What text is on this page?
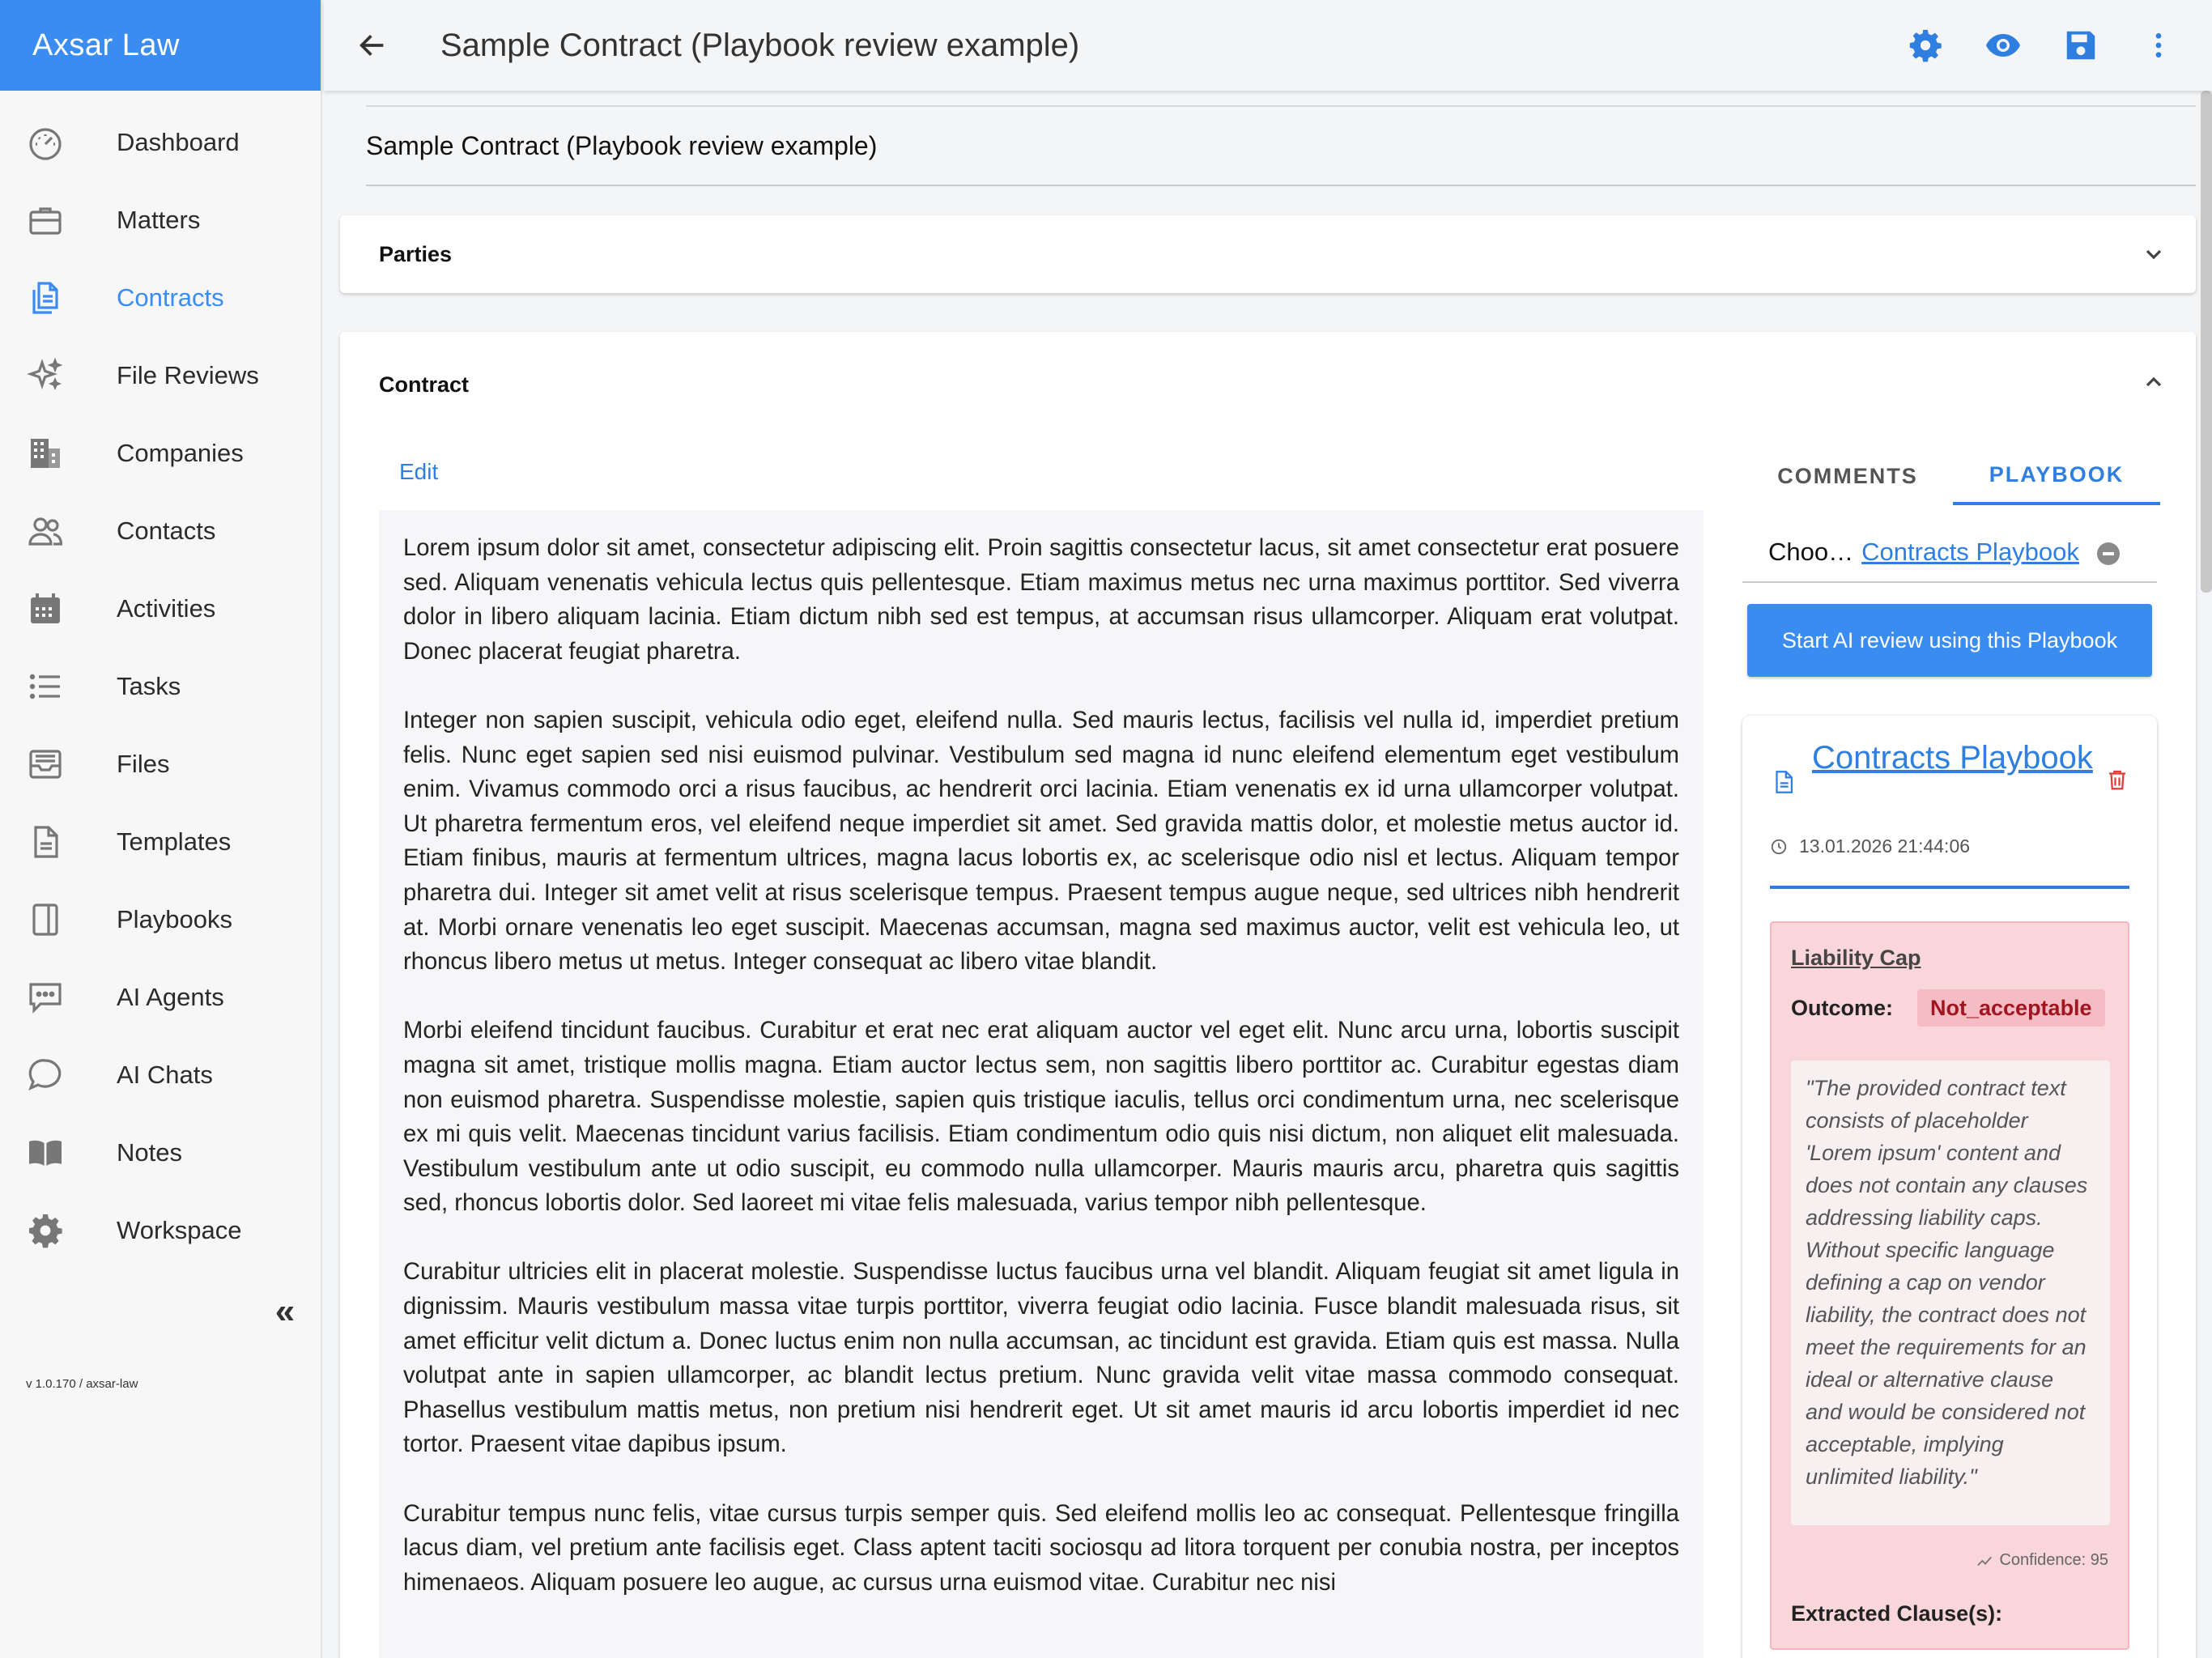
Axsar Law
Dashboard
Matters
Contracts
File Reviews
Companies
Contacts
Activities
Tasks
Files
Templates
Playbooks
AI Agents
AI Chats
Notes
Workspace
«
v 1.0.170 / axsar-law
Sample Contract (Playbook review example)
Sample Contract (Playbook review example)
Parties
Contract
Edit

Lorem ipsum dolor sit amet, consectetur adipiscing elit. Proin sagittis consectetur lacus, sit amet consectetur erat posuere sed. Aliquam venenatis vehicula lectus quis pellentesque. Etiam maximus metus nec urna maximus porttitor. Sed viverra dolor in libero aliquam lacinia. Etiam dictum nibh sed est tempus, at accumsan risus ullamcorper. Aliquam erat volutpat. Donec placerat feugiat pharetra.

Integer non sapien suscipit, vehicula odio eget, eleifend nulla. Sed mauris lectus, facilisis vel nulla id, imperdiet pretium felis. Nunc eget sapien sed nisi euismod pulvinar. Vestibulum sed magna id nunc eleifend elementum eget vestibulum enim. Vivamus commodo orci a risus faucibus, ac hendrerit orci lacinia. Etiam venenatis ex id urna ullamcorper volutpat. Ut pharetra fermentum eros, vel eleifend neque imperdiet sit amet. Sed gravida mattis dolor, et molestie metus auctor id. Etiam finibus, mauris at fermentum ultrices, magna lacus lobortis ex, ac scelerisque odio nisl et lectus. Aliquam tempor pharetra dui. Integer sit amet velit at risus scelerisque tempus. Praesent tempus augue neque, sed ultrices nibh hendrerit at. Morbi ornare venenatis leo eget suscipit. Maecenas accumsan, magna sed maximus auctor, velit est vehicula leo, ut rhoncus libero metus ut metus. Integer consequat ac libero vitae blandit.

Morbi eleifend tincidunt faucibus. Curabitur et erat nec erat aliquam auctor vel eget elit. Nunc arcu urna, lobortis suscipit magna sit amet, tristique mollis magna. Etiam auctor lectus sem, non sagittis libero porttitor ac. Curabitur egestas diam non euismod pharetra. Suspendisse molestie, sapien quis tristique iaculis, tellus orci condimentum urna, nec scelerisque ex mi quis velit. Maecenas tincidunt varius facilisis. Etiam condimentum odio quis nisi dictum, non aliquet elit malesuada. Vestibulum vestibulum ante ut odio suscipit, eu commodo nulla ullamcorper. Mauris mauris arcu, pharetra quis sagittis sed, rhoncus lobortis dolor. Sed laoreet mi vitae felis malesuada, varius tempor nibh pellentesque.

Curabitur ultricies elit in placerat molestie. Suspendisse luctus faucibus urna vel blandit. Aliquam feugiat sit amet ligula in dignissim. Mauris vestibulum massa vitae turpis porttitor, viverra feugiat odio lacinia. Fusce blandit malesuada risus, sit amet efficitur velit dictum a. Donec luctus enim non nulla accumsan, ac tincidunt est gravida. Etiam quis est massa. Nulla volutpat ante in sapien ullamcorper, ac blandit lectus pretium. Nunc gravida velit vitae massa commodo consequat. Phasellus vestibulum mattis metus, non pretium nisi hendrerit eget. Ut sit amet mauris id arcu lobortis imperdiet id nec tortor. Praesent vitae dapibus ipsum.

Curabitur tempus nunc felis, vitae cursus turpis semper quis. Sed eleifend mollis leo ac consequat. Pellentesque fringilla lacus diam, vel pretium ante facilisis eget. Class aptent taciti sociosqu ad litora torquent per conubia nostra, per inceptos himenaeos. Aliquam posuere leo augue, ac cursus urna euismod vitae. Curabitur nec nisi

COMMENTS	PLAYBOOK
Choo… Contracts Playbook
Start AI review using this Playbook
Contracts Playbook
13.01.2026 21:44:06
Liability Cap
Outcome:	Not_acceptable
"The provided contract text consists of placeholder 'Lorem ipsum' content and does not contain any clauses addressing liability caps. Without specific language defining a cap on vendor liability, the contract does not meet the requirements for an ideal or alternative clause and would be considered not acceptable, implying unlimited liability."
Confidence: 95
Extracted Clause(s):
